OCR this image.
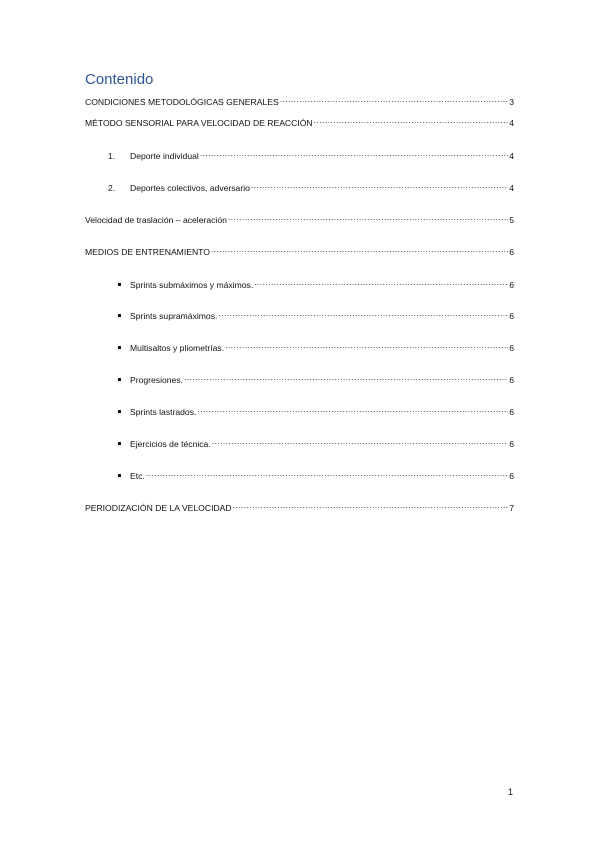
Contenido
CONDICIONES METODOLÓGICAS GENERALES .....	3
MÉTODO SENSORIAL PARA VELOCIDAD DE REACCIÓN .....	4
1.	Deporte individual .....	4
2.	Deportes colectivos, adversario .....	4
Velocidad de traslación – aceleración .....	5
MEDIOS DE ENTRENAMIENTO .....	6
Sprints submáximos y máximos. .....	6
Sprints supramáximos. .....	6
Multisaltos y pliometrías. .....	6
Progresiones. .....	6
Sprints lastrados. .....	6
Ejercicios de técnica. .....	6
Etc. .....	6
PERIODIZACIÓN DE LA VELOCIDAD .....	7
1
